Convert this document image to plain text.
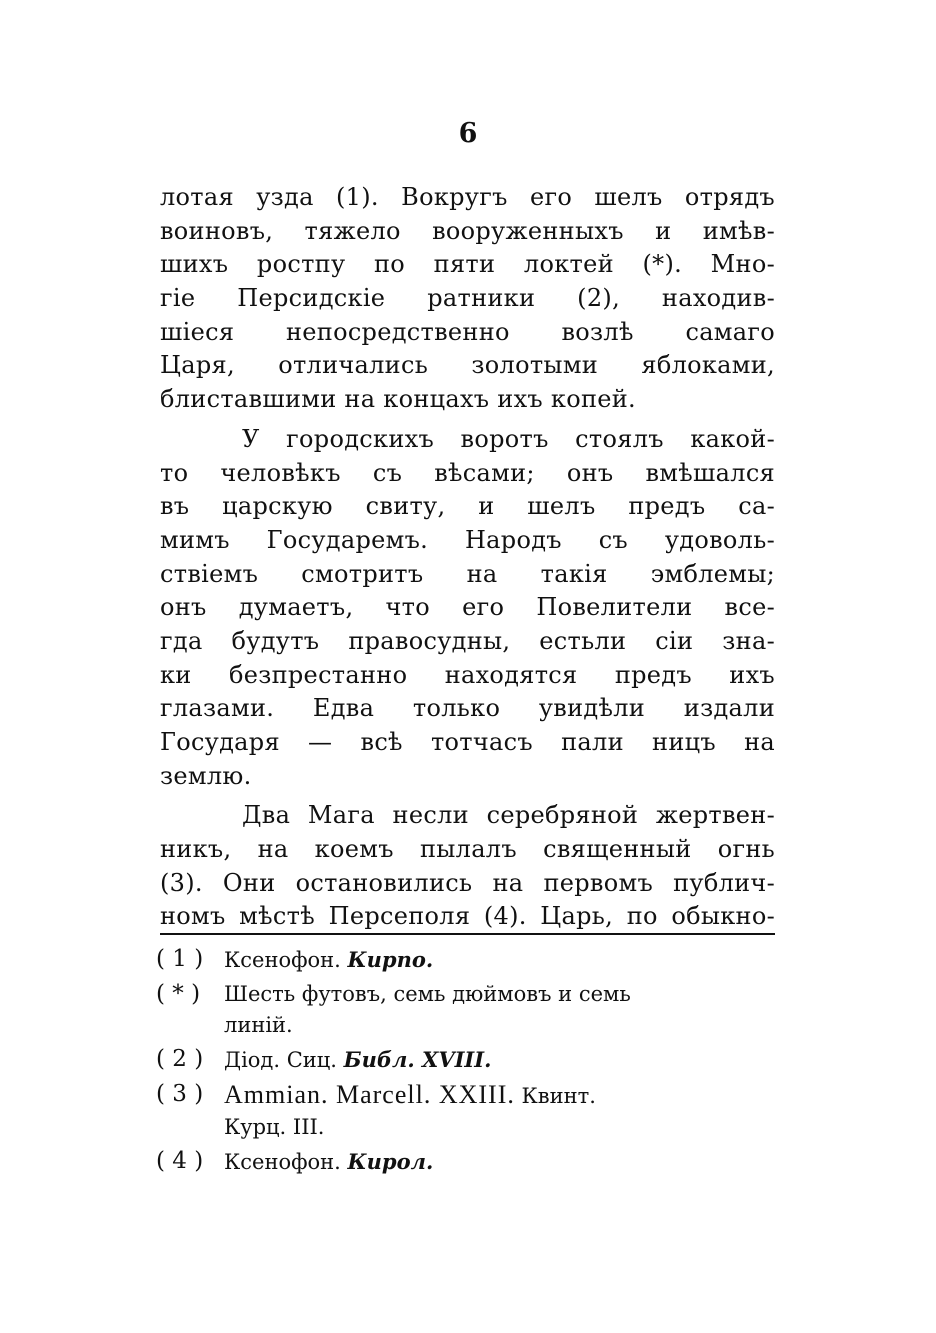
6
лотая узда (1). Вокругъ его шелъ отрядъ
воиновъ, тяжело вооруженныхъ и имѣв-
шихъ ростпу по пяти локтей (*). Мно-
гіе Персидскіе ратники (2), находив-
шіеся непосредственно возлѣ самаго
Царя, отличались золотыми яблоками,
блиставшими на концахъ ихъ копей.
У городскихъ воротъ стоялъ какой-
то человѣкъ съ вѣсами; онъ вмѣшался
въ царскую свиту, и шелъ предъ са-
мимъ Государемъ. Народъ съ удоволь-
ствіемъ смотритъ на такія эмблемы;
онъ думаетъ, что его Повелители все-
гда будутъ правосудны, естьли сіи зна-
ки безпрестанно находятся предъ ихъ
глазами. Едва только увидѣли издали
Государя — всѣ тотчасъ пали ницъ на
землю.
Два Мага несли серебряной жертвен-
никъ, на коемъ пылалъ священный огнь
(3). Они остановились на первомъ публич-
номъ мѣстѣ Персеполя (4). Царь, по обыкно-
( 1 ) Ксенофон. Кирпо.
( * )	Шесть футовъ, семь дюймовъ и семь
линій.
( 2 ) Діод. Сиц. Библ. XVIII.
( 3 ) Ammian. Marcell. XXIII. Квинт.
Курц. III.
( 4 ) Ксенофон. Кирол.
